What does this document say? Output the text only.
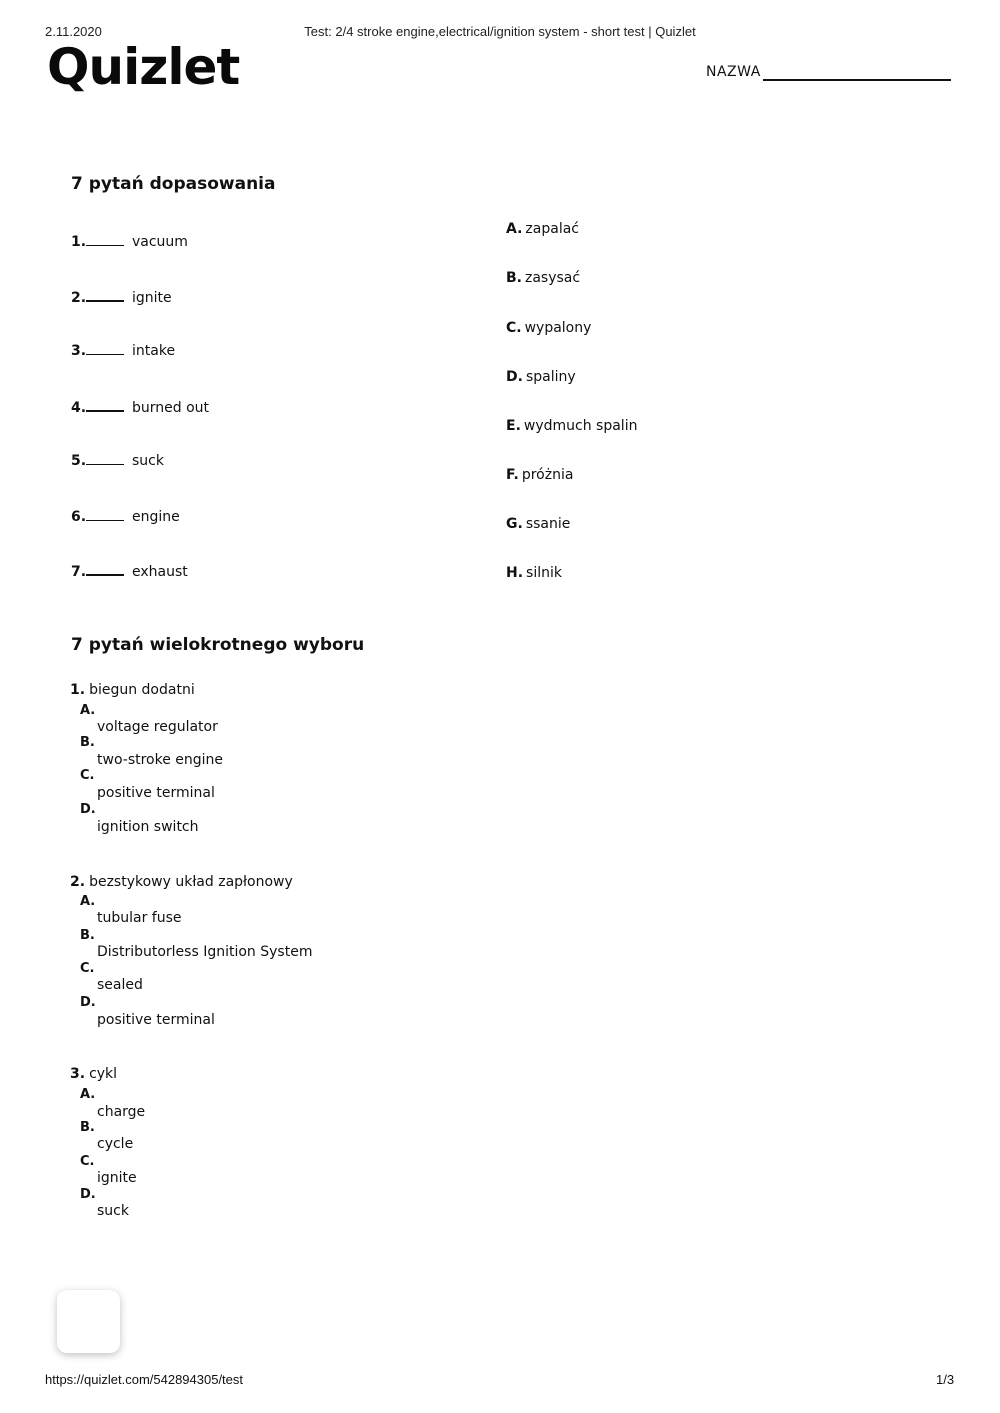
2.11.2020	Test: 2/4 stroke engine,electrical/ignition system - short test | Quizlet
Quizlet	NAZWA
7 pytań dopasowania
1.	vacuum
2.	ignite
3.	intake
4.	burned out
5.	suck
6.	engine
7.	exhaust
A. zapalać
B. zasysać
C. wypalony
D. spaliny
E. wydmuch spalin
F. próżnia
G. ssanie
H. silnik
7 pytań wielokrotnego wyboru
1. biegun dodatni
A.
voltage regulator
B.
two-stroke engine
C.
positive terminal
D.
ignition switch
2. bezstykowy układ zapłonowy
A.
tubular fuse
B.
Distributorless Ignition System
C.
sealed
D.
positive terminal
3. cykl
A.
charge
B.
cycle
C.
ignite
D.
suck
https://quizlet.com/542894305/test	1/3
